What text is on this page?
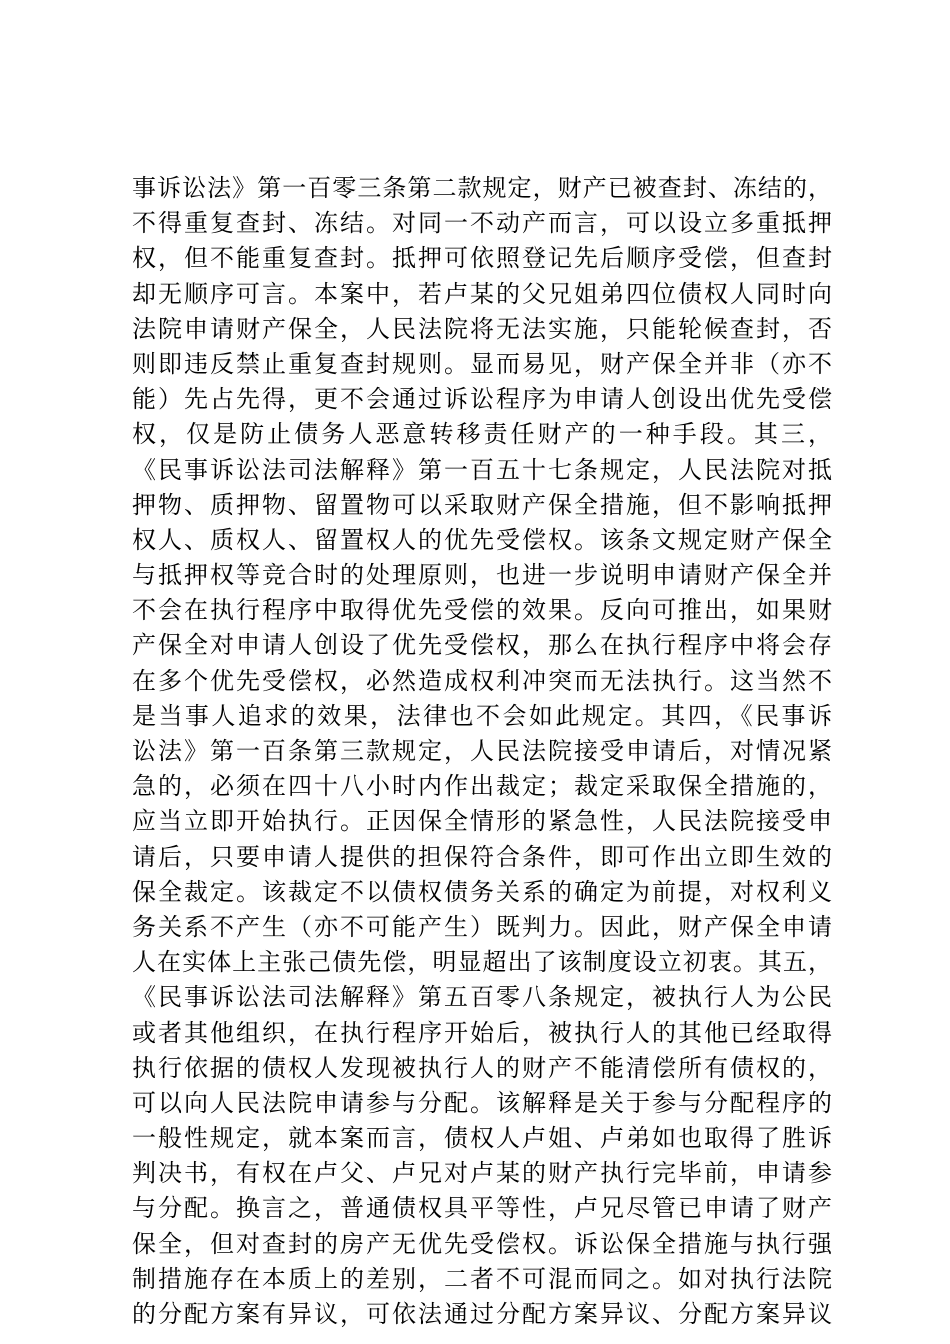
事诉讼法》第一百零三条第二款规定，财产已被查封、冻结的，
不得重复查封、冻结。对同一不动产而言，可以设立多重抵押
权，但不能重复查封。抵押可依照登记先后顺序受偿，但查封
却无顺序可言。本案中，若卢某的父兄姐弟四位债权人同时向
法院申请财产保全，人民法院将无法实施，只能轮候查封，否
则即违反禁止重复查封规则。显而易见，财产保全并非（亦不
能）先占先得，更不会通过诉讼程序为申请人创设出优先受偿
权，仅是防止债务人恶意转移责任财产的一种手段。其三，
《民事诉讼法司法解释》第一百五十七条规定，人民法院对抵
押物、质押物、留置物可以采取财产保全措施，但不影响抵押
权人、质权人、留置权人的优先受偿权。该条文规定财产保全
与抵押权等竞合时的处理原则，也进一步说明申请财产保全并
不会在执行程序中取得优先受偿的效果。反向可推出，如果财
产保全对申请人创设了优先受偿权，那么在执行程序中将会存
在多个优先受偿权，必然造成权利冲突而无法执行。这当然不
是当事人追求的效果，法律也不会如此规定。其四，《民事诉
讼法》第一百条第三款规定，人民法院接受申请后，对情况紧
急的，必须在四十八小时内作出裁定；裁定采取保全措施的，
应当立即开始执行。正因保全情形的紧急性，人民法院接受申
请后，只要申请人提供的担保符合条件，即可作出立即生效的
保全裁定。该裁定不以债权债务关系的确定为前提，对权利义
务关系不产生（亦不可能产生）既判力。因此，财产保全申请
人在实体上主张己债先偿，明显超出了该制度设立初衷。其五，
《民事诉讼法司法解释》第五百零八条规定，被执行人为公民
或者其他组织，在执行程序开始后，被执行人的其他已经取得
执行依据的债权人发现被执行人的财产不能清偿所有债权的，
可以向人民法院申请参与分配。该解释是关于参与分配程序的
一般性规定，就本案而言，债权人卢姐、卢弟如也取得了胜诉
判决书，有权在卢父、卢兄对卢某的财产执行完毕前，申请参
与分配。换言之，普通债权具平等性，卢兄尽管已申请了财产
保全，但对查封的房产无优先受偿权。诉讼保全措施与执行强
制措施存在本质上的差别，二者不可混而同之。如对执行法院
的分配方案有异议，可依法通过分配方案异议、分配方案异议
